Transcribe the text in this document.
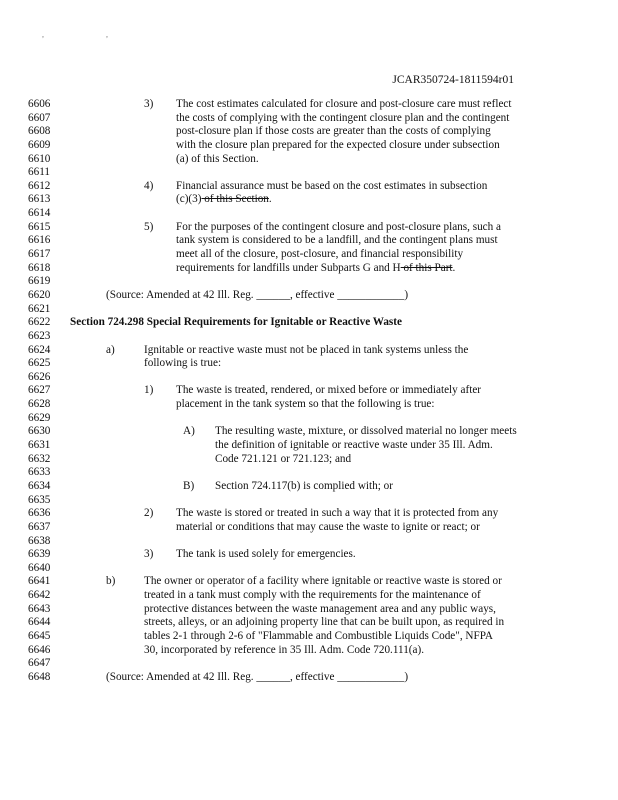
, ,
JCAR350724-1811594r01
6606	3) The cost estimates calculated for closure and post-closure care must reflect
6607	the costs of complying with the contingent closure plan and the contingent
6608	post-closure plan if those costs are greater than the costs of complying
6609	with the closure plan prepared for the expected closure under subsection
6610	(a) of this Section.
6611
6612	4) Financial assurance must be based on the cost estimates in subsection
6613	(c)(3) of this Section.
6614
6615	5) For the purposes of the contingent closure and post-closure plans, such a
6616	tank system is considered to be a landfill, and the contingent plans must
6617	meet all of the closure, post-closure, and financial responsibility
6618	requirements for landfills under Subparts G and H of this Part.
6619
6620	(Source: Amended at 42 Ill. Reg. ______, effective ____________)
6621
6622	Section 724.298 Special Requirements for Ignitable or Reactive Waste
6623
6624	a)	Ignitable or reactive waste must not be placed in tank systems unless the
6625	following is true:
6626
6627	1) The waste is treated, rendered, or mixed before or immediately after
6628	placement in the tank system so that the following is true:
6629
6630	A) The resulting waste, mixture, or dissolved material no longer meets
6631	the definition of ignitable or reactive waste under 35 Ill. Adm.
6632	Code 721.121 or 721.123; and
6633
6634	B) Section 724.117(b) is complied with; or
6635
6636	2) The waste is stored or treated in such a way that it is protected from any
6637	material or conditions that may cause the waste to ignite or react; or
6638
6639	3) The tank is used solely for emergencies.
6640
6641	b)	The owner or operator of a facility where ignitable or reactive waste is stored or
6642	treated in a tank must comply with the requirements for the maintenance of
6643	protective distances between the waste management area and any public ways,
6644	streets, alleys, or an adjoining property line that can be built upon, as required in
6645	tables 2-1 through 2-6 of "Flammable and Combustible Liquids Code", NFPA
6646	30, incorporated by reference in 35 Ill. Adm. Code 720.111(a).
6647
6648	(Source: Amended at 42 Ill. Reg. ______, effective ____________)
